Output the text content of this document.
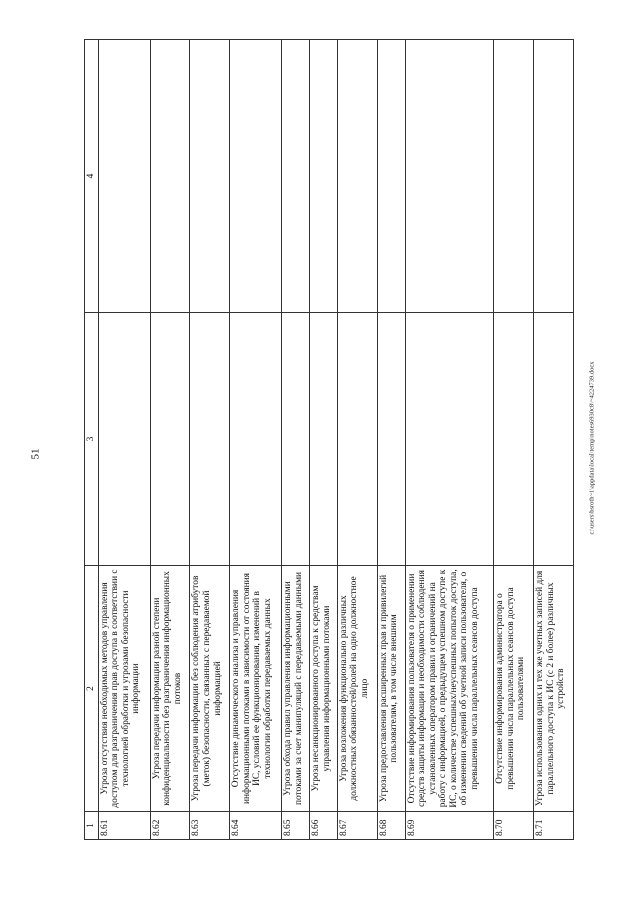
51
1	2	3	4
8.61	Угроза отсутствия необходимых методов управления доступом для разграничения прав доступа в соответствии с технологией обработки и угрозами безопасности информации		
8.62	Угроза передачи информации разной степени конфиденциальности без разграничения информационных потоков		
8.63	Угроза передачи информации без соблюдения атрибутов (меток) безопасности, связанных с передаваемой информацией		
8.64	Отсутствие динамического анализа и управления информационными потоками в зависимости от состояния ИС, условий ее функционирования, изменений в технологии обработки передаваемых данных		
8.65	Угроза обхода правил управления информационными потоками за счет манипуляций с передаваемыми данными		
8.66	Угроза несанкционированного доступа к средствам управления информационными потоками		
8.67	Угроза возложения функционально различных должностных обязанностей/ролей на одно должностное лицо		
8.68	Угроза предоставления расширенных прав и привилегий пользователям, в том числе внешним		
8.69	Отсутствие информирования пользователя о применении средств защиты информации и необходимости соблюдения установленных оператором правил и ограничений на работу с информацией, о предыдущем успешном доступе к ИС, о количестве успешных/неуспешных попыток доступа, об изменении сведений об учетной записи пользователя, о превышении числа параллельных сеансов доступа		
8.70	Отсутствие информирования администратора о превышении числа параллельных сеансов доступа пользователями		
8.71	Угроза использования одних и тех же учетных записей для параллельного доступа к ИС (с 2 и более) различных устройств		
c:\users\bsroth~1\appdata\local\temp\notes6930c8\~4224739.docx
